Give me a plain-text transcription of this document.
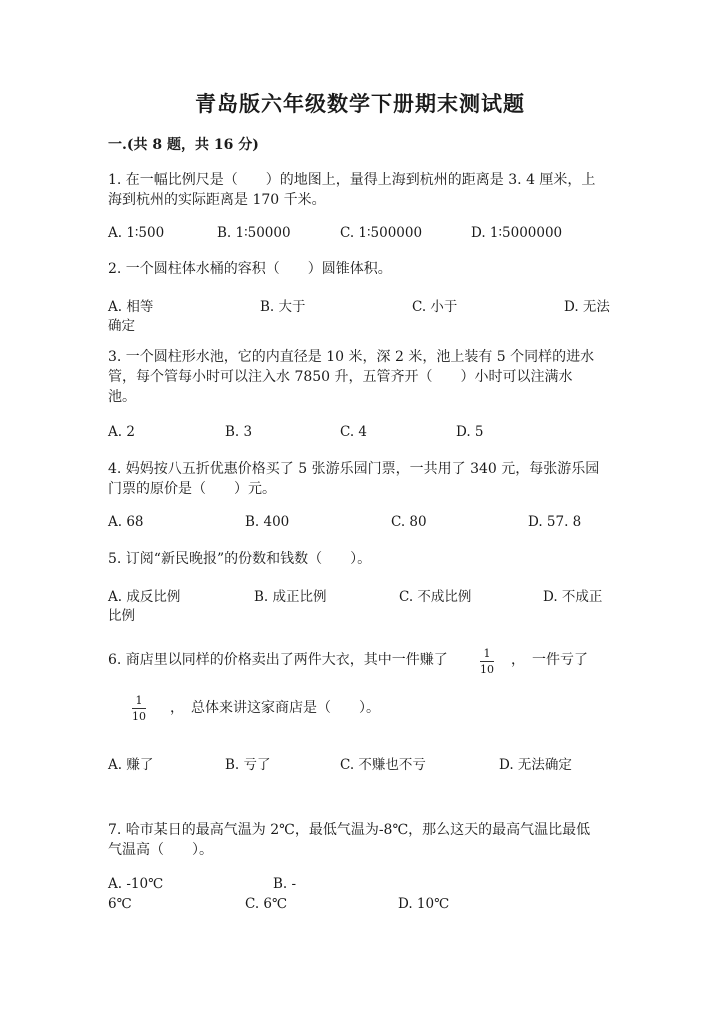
青岛版六年级数学下册期末测试题
一.(共 8 题，共 16 分)
1. 在一幅比例尺是（　　）的地图上，量得上海到杭州的距离是 3. 4 厘米，上
海到杭州的实际距离是 170 千米。
A. 1∶500	B. 1∶50000	C. 1∶500000	D. 1∶5000000
2. 一个圆柱体水桶的容积（　　）圆锥体积。
A. 相等	B. 大于	C. 小于	D. 无法
确定
3. 一个圆柱形水池，它的内直径是 10 米，深 2 米，池上装有 5 个同样的进水
管，每个管每小时可以注入水 7850 升，五管齐开（　　）小时可以注满水
池。
A. 2	B. 3	C. 4	D. 5
4. 妈妈按八五折优惠价格买了 5 张游乐园门票，一共用了 340 元，每张游乐园
门票的原价是（　　）元。
A. 68	B. 400	C. 80	D. 57. 8
5. 订阅“新民晚报”的份数和钱数（　　）。
A. 成反比例	B. 成正比例	C. 不成比例	D. 不成正
比例
6. 商店里以同样的价格卖出了两件大衣，其中一件赚了	1
10
，　一件亏了
1
10
，　总体来讲这家商店是（　　）。
A. 赚了	B. 亏了	C. 不赚也不亏	D. 无法确定
7. 哈市某日的最高气温为 2℃，最低气温为-8℃，那么这天的最高气温比最低
气温高（　　）。
A. -10℃	B. -
6℃	C. 6℃	D. 10℃
